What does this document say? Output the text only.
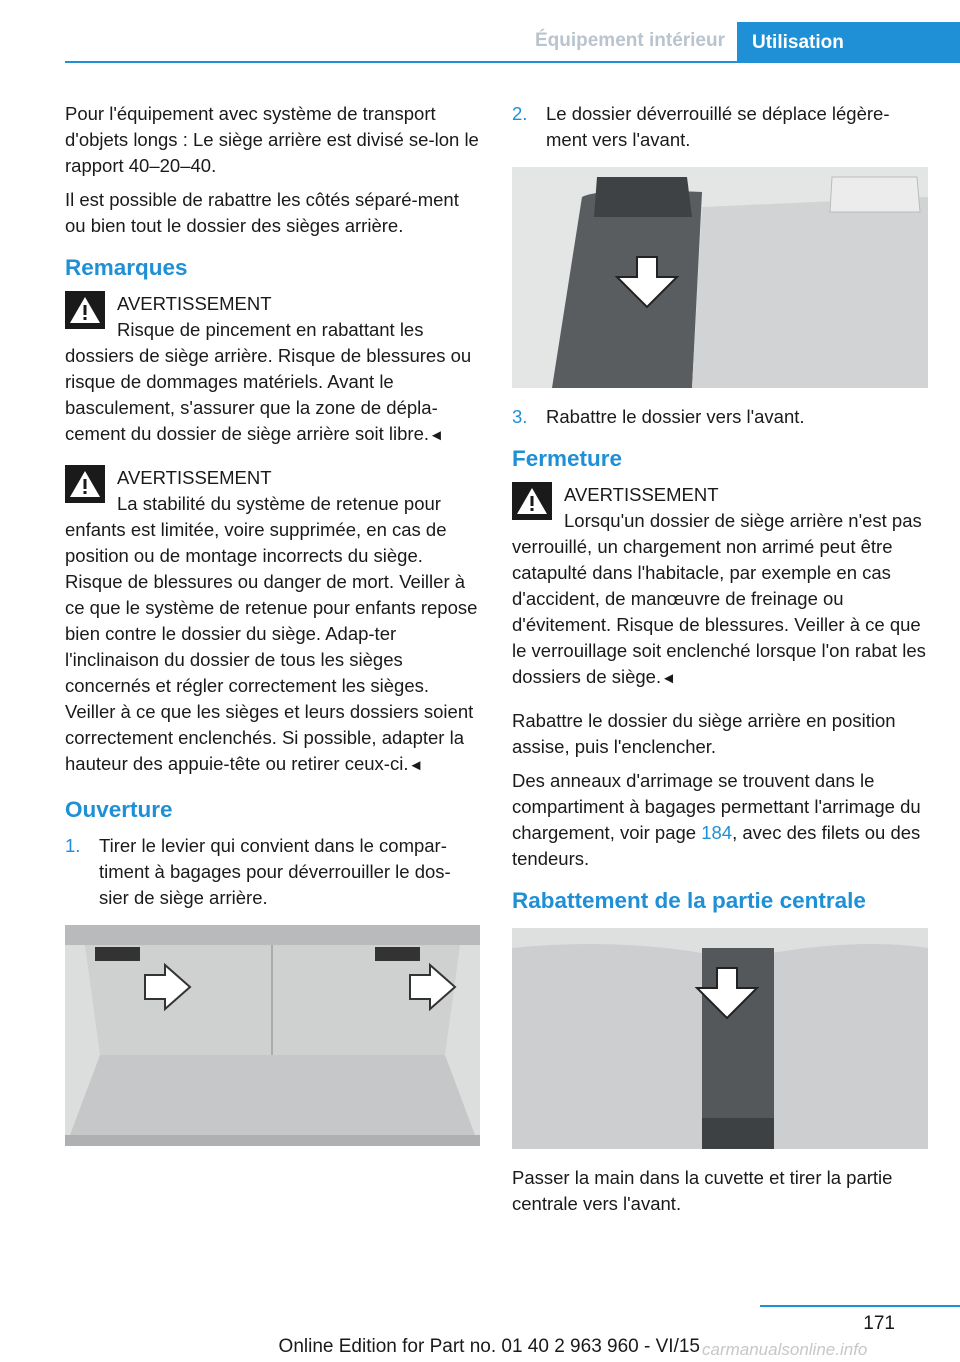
Équipement intérieur	Utilisation

Pour l'équipement avec système de transport d'objets longs : Le siège arrière est divisé se-lon le rapport 40–20–40.

Il est possible de rabattre les côtés séparé-ment ou bien tout le dossier des sièges arrière.

Remarques
AVERTISSEMENT
Risque de pincement en rabattant les dossiers de siège arrière. Risque de blessures ou risque de dommages matériels. Avant le basculement, s'assurer que la zone de dépla-cement du dossier de siège arrière soit libre.◄
AVERTISSEMENT
La stabilité du système de retenue pour enfants est limitée, voire supprimée, en cas de position ou de montage incorrects du siège. Risque de blessures ou danger de mort. Veiller à ce que le système de retenue pour enfants repose bien contre le dossier du siège. Adap-ter l'inclinaison du dossier de tous les sièges concernés et régler correctement les sièges. Veiller à ce que les sièges et leurs dossiers soient correctement enclenchés. Si possible, adapter la hauteur des appuie-tête ou retirer ceux-ci.◄
Ouverture
1.	Tirer le levier qui convient dans le compar-timent à bagages pour déverrouiller le dos-sier de siège arrière.
2.	Le dossier déverrouillé se déplace légère-ment vers l'avant.
3.	Rabattre le dossier vers l'avant.
Fermeture
AVERTISSEMENT
Lorsqu'un dossier de siège arrière n'est pas verrouillé, un chargement non arrimé peut être catapulté dans l'habitacle, par exemple en cas d'accident, de manœuvre de freinage ou d'évitement. Risque de blessures. Veiller à ce que le verrouillage soit enclenché lorsque l'on rabat les dossiers de siège.◄

Rabattre le dossier du siège arrière en position assise, puis l'enclencher.

Des anneaux d'arrimage se trouvent dans le compartiment à bagages permettant l'arrimage du chargement, voir page 184, avec des filets ou des tendeurs.

Rabattement de la partie centrale

Passer la main dans la cuvette et tirer la partie centrale vers l'avant.

171
Online Edition for Part no. 01 40 2 963 960 - VI/15 carmanualsonline.info
